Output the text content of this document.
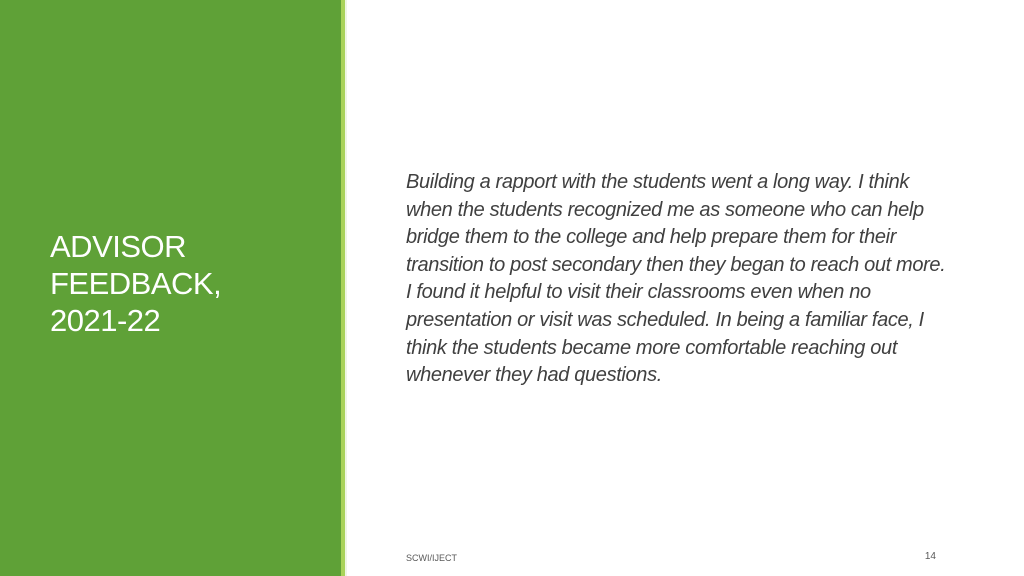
ADVISOR
FEEDBACK,
2021-22

Building a rapport with the students went a long way. I think when the students recognized me as someone who can help bridge them to the college and help prepare them for their transition to post secondary then they began to reach out more. I found it helpful to visit their classrooms even when no presentation or visit was scheduled. In being a familiar face, I think the students became more comfortable reaching out whenever they had questions.

SCWI/IJECT	14
